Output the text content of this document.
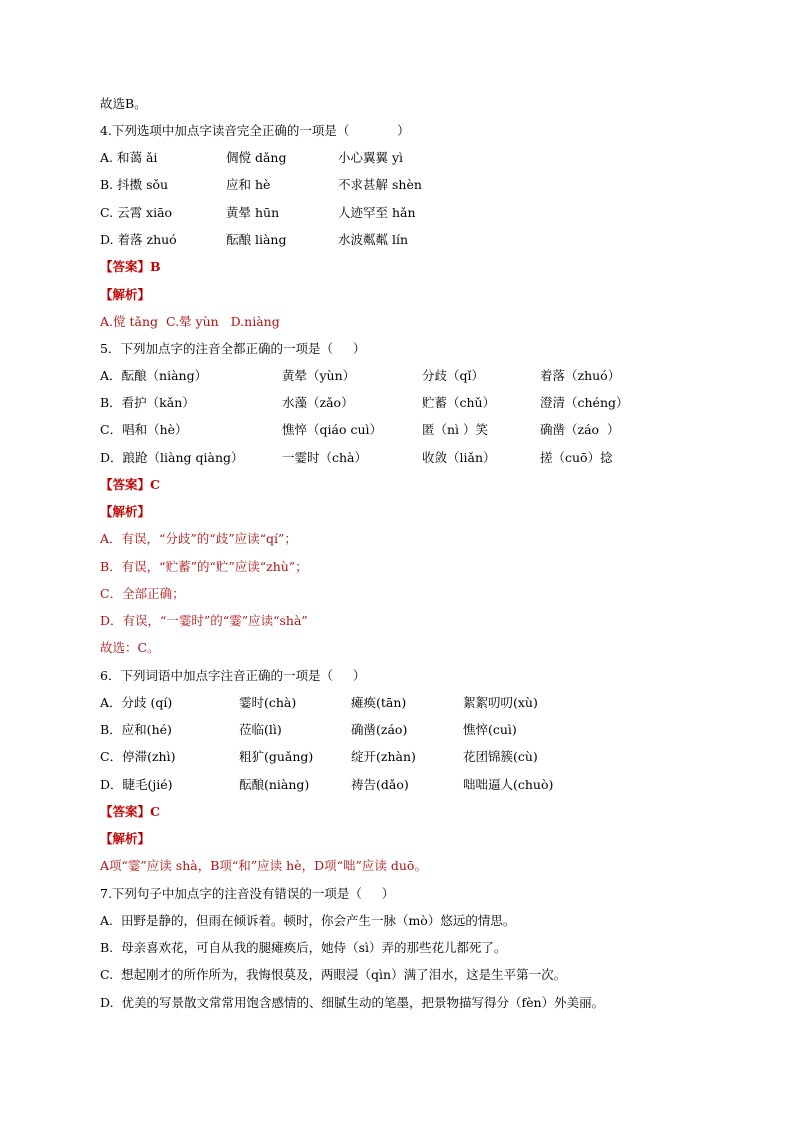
故选B。
4.下列选项中加点字读音完全正确的一项是（            ）
A. 和蔼 ǎi	倜傥 dǎng	小心翼翼 yì
B. 抖擞 sǒu	应和 hè	不求甚解 shèn
C. 云霄 xiāo	黄晕 hūn	人迹罕至 hǎn
D. 着落 zhuó	酝酿 liàng	水波粼粼 lín
【答案】B
【解析】
A.傥 tǎng  C.晕 yùn   D.niàng
5．下列加点字的注音全都正确的一项是（     ）
A．酝酿（niàng）	黄晕（yùn）	分歧（qǐ）	着落（zhuó）
B．看护（kǎn）	水藻（zǎo）	贮蓄（chǔ）	澄清（chéng）
C．唱和（hè）	憔悴（qiáo cuì）	匿（nì ）笑	确凿（záo  ）
D．踉跄（liàng qiàng）	一霎时（chà）	收敛（liǎn）	搓（cuō）捻
【答案】C
【解析】
A．有误，“分歧”的“歧”应读“qí”；
B．有误，“贮蓄”的“贮”应读“zhù”；
C．全部正确；
D．有误，“一霎时”的“霎”应读“shà”
故选：C。
6．下列词语中加点字注音正确的一项是（     ）
A．分歧 (qí)	霎时(chà)	瘫痪(tān)	絮絮叨叨(xù)
B．应和(hé)	莅临(lì)	确凿(záo)	憔悴(cuì)
C．停滞(zhì)	粗犷(guǎng)	绽开(zhàn)	花团锦簇(cù)
D．睫毛(jié)	酝酿(niàng)	祷告(dǎo)	咄咄逼人(chuò)
【答案】C
【解析】
A项“霎”应读 shà，B项“和”应读 hè，D项“咄”应读 duō。
7.下列句子中加点字的注音没有错误的一项是（     ）
A.  田野是静的，但雨在倾诉着。顿时，你会产生一脉（mò）悠远的情思。
B.  母亲喜欢花，可自从我的腿瘫痪后，她侍（sì）弄的那些花儿都死了。
C.  想起刚才的所作所为，我悔恨莫及，两眼浸（qìn）满了泪水，这是生平第一次。
D.  优美的写景散文常常用饱含感情的、细腻生动的笔墨，把景物描写得分（fèn）外美丽。
